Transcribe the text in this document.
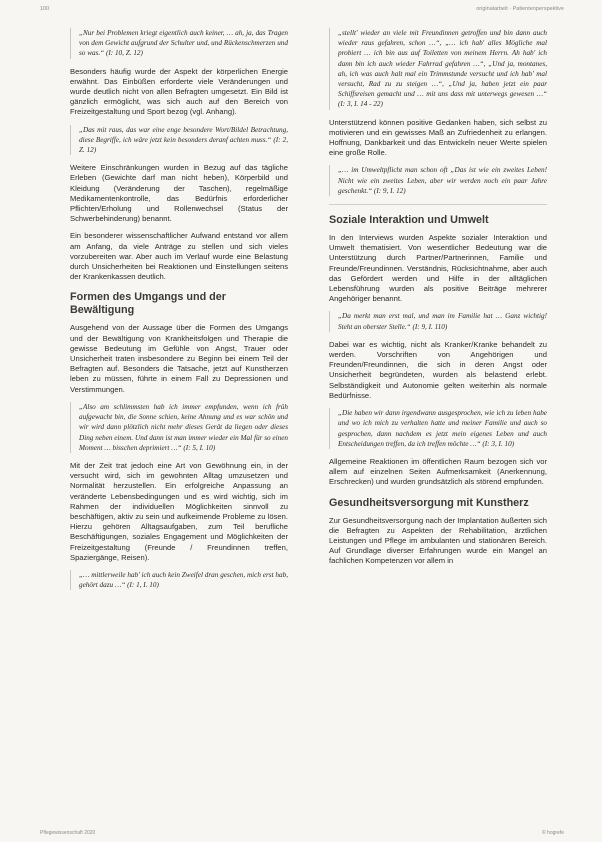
100	originalarbeit · Patientenperspektive

„Nur bei Problemen kriegt eigentlich auch keiner, … ah, ja, das Tragen von dem Gewicht aufgrund der Schulter und, und Rückenschmerzen und so was.“ (I: 10, Z. 12)

Besonders häufig wurde der Aspekt der körperlichen Energie erwähnt. Das Einbüßen erforderte viele Veränderungen und wurde deutlich nicht von allen Befragten umgesetzt. Ein Bild ist gänzlich ermöglicht, was sich auch auf den Bereich von Freizeitgestaltung und Sport bezog (vgl. Anhang).

„Das mit raus, das war eine enge besondere Wort/Bildel Betrachtung, diese Begriffe, ich wäre jetzt kein besonders deranf achten muss.“ (I: 2, Z. 12)

Weitere Einschränkungen wurden in Bezug auf das tägliche Erleben (Gewichte darf man nicht heben), Körperbild und Kleidung (Veränderung der Taschen), regelmäßige Medikamentenkontrolle, das Bedürfnis erforderlicher Pflichten/Erholung und Rollenwechsel (Status der Schwerbehinderung) benannt.

Ein besonderer wissenschaftlicher Aufwand entstand vor allem am Anfang, da viele Anträge zu stellen und sich vieles vorzubereiten war. Aber auch im Verlauf wurde eine Belastung durch Unsicherheiten bei Reaktionen und Einstellungen seitens der Krankenkassen deutlich.

Formen des Umgangs und der Bewältigung

Ausgehend von der Aussage über die Formen des Umgangs und der Bewältigung von Krankheitsfolgen und Therapie die gewisse Bedeutung im Gefühle von Angst, Trauer oder Unsicherheit traten insbesondere zu Beginn bei einem Teil der Befragten auf. Besonders die Tatsache, jetzt auf Kunstherzen leben zu müssen, führte in einem Fall zu Depressionen und Verstimmungen.

„Also am schlimmsten hab ich immer empfunden, wenn ich früh aufgewacht bin, die Sonne schien, keine Ahnung und es war schön und wir wird dann plötzlich nicht mehr dieses Gerät da liegen oder dieses Ding neben einem. Und dann ist man immer wieder ein Mal für so einen Moment … bisschen deprimiert …“ (I: 5, I. 10)

Mit der Zeit trat jedoch eine Art von Gewöhnung ein, in der versucht wird, sich im gewohnten Alltag umzusetzen und Normalität herzustellen. Ein erfolgreiche Anpassung an veränderte Lebensbedingungen und es wird wichtig, sich im Rahmen der individuellen Möglichkeiten sinnvoll zu beschäftigen, aktiv zu sein und aufkeimende Probleme zu lösen. Hierzu gehören Alltagsaufgaben, zum Teil berufliche Beschäftigungen, soziales Engagement und Möglichkeiten der Freizeitgestaltung (Freunde / Freundinnen treffen, Spaziergänge, Reisen).

„… mittlerweile hab' ich auch kein Zweifel dran geschen, mich erst hab, gehört dazu …“ (I: 1, I. 10)

„stellt' wieder an viele mit Freundinnen getroffen und bin dann auch wieder raus gefahren, schon …“, „… ich hab' alles Mögliche mal probiert … ich bin aus auf Toiletten von meinem Herrn. Ah hab' ich dann bin ich auch wieder Fahrrad gefahren …“, „Und ja, montanes, ah, ich was auch halt mal ein Trimmstunde versucht und ich hab' mal versucht, Rad zu zu steigen …“, „Und ja, haben jetzt ein paar Schiffsreisen gemacht und … mit uns dass mit unterwegs gewesen …“ (I: 3, I. 14 - 22)

Unterstützend können positive Gedanken haben, sich selbst zu motivieren und ein gewisses Maß an Zufriedenheit zu erlangen. Hoffnung, Dankbarkeit und das Entwickeln neuer Werte spielen eine große Rolle.

„… im Umweltpflicht man schon oft „Das ist wie ein zweites Leben! Nicht wie ein zweites Leben, aber wir werden noch ein paar Jahre geschenkt.“ (I: 9, I. 12)

Soziale Interaktion und Umwelt

In den Interviews wurden Aspekte sozialer Interaktion und Umwelt thematisiert. Von wesentlicher Bedeutung war die Unterstützung durch Partner/Partnerinnen, Familie und Freunde/Freundinnen. Verständnis, Rücksichtnahme, aber auch das Gefördert werden und Hilfe in der alltäglichen Lebensführung wurden als positive Beiträge mehrerer Angehöriger benannt.

„Da merkt man erst mal, und man im Familie hat … Ganz wichtig! Steht an oberster Stelle.“ (I: 9, I. 110)

Dabei war es wichtig, nicht als Kranker/Kranke behandelt zu werden. Vorschriften von Angehörigen und Freunden/Freundinnen, die sich in deren Angst oder Unsicherheit begründeten, wurden als belastend erlebt. Selbständigkeit und Autonomie gelten weiterhin als normale Bedürfnisse.

„Die haben wir dann irgendwann ausgesprochen, wie ich zu leben habe und wo ich mich zu verhalten hatte und meiner Familie und auch so gesprochen, dann nachdem es jetzt mein eigenes Leben und auch Entscheidungen treffen, da ich treffen möchte …“ (I: 3, I. 10)

Allgemeine Reaktionen im öffentlichen Raum bezogen sich vor allem auf einzelnen Seiten Aufmerksamkeit (Anerkennung, Erschrecken) und wurden grundsätzlich als störend empfunden.

Gesundheitsversorgung mit Kunstherz

Zur Gesundheitsversorgung nach der Implantation äußerten sich die Befragten zu Aspekten der Rehabilitation, ärztlichen Leistungen und Pflege im ambulanten und stationären Bereich. Auf Grundlage diverser Erfahrungen wurde ein Mangel an fachlichen Kompetenzen vor allem in

Pflegewissenschaft 2020	© hogrefe
